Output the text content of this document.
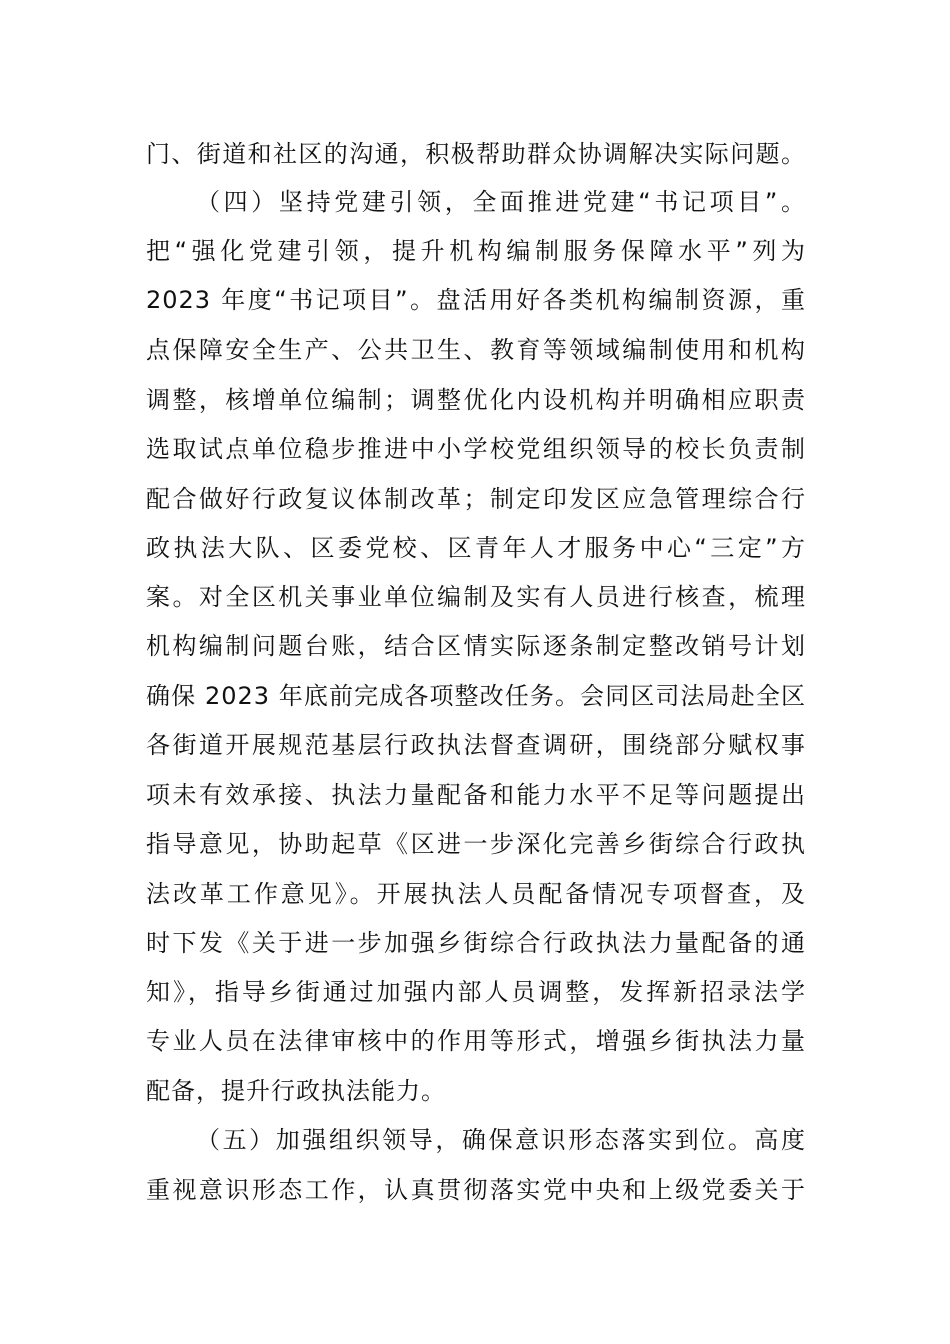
门、街道和社区的沟通，积极帮助群众协调解决实际问题。
（四）坚持党建引领，全面推进党建“书记项目”。
把“强化党建引领，提升机构编制服务保障水平”列为
2023 年度“书记项目”。盘活用好各类机构编制资源，重
点保障安全生产、公共卫生、教育等领域编制使用和机构
调整，核增单位编制；调整优化内设机构并明确相应职责
选取试点单位稳步推进中小学校党组织领导的校长负责制
配合做好行政复议体制改革；制定印发区应急管理综合行
政执法大队、区委党校、区青年人才服务中心“三定”方
案。对全区机关事业单位编制及实有人员进行核查，梳理
机构编制问题台账，结合区情实际逐条制定整改销号计划
确保 2023 年底前完成各项整改任务。会同区司法局赴全区
各街道开展规范基层行政执法督查调研，围绕部分赋权事
项未有效承接、执法力量配备和能力水平不足等问题提出
指导意见，协助起草《区进一步深化完善乡街综合行政执
法改革工作意见》。开展执法人员配备情况专项督查，及
时下发《关于进一步加强乡街综合行政执法力量配备的通
知》，指导乡街通过加强内部人员调整，发挥新招录法学
专业人员在法律审核中的作用等形式，增强乡街执法力量
配备，提升行政执法能力。
（五）加强组织领导，确保意识形态落实到位。高度
重视意识形态工作，认真贯彻落实党中央和上级党委关于
